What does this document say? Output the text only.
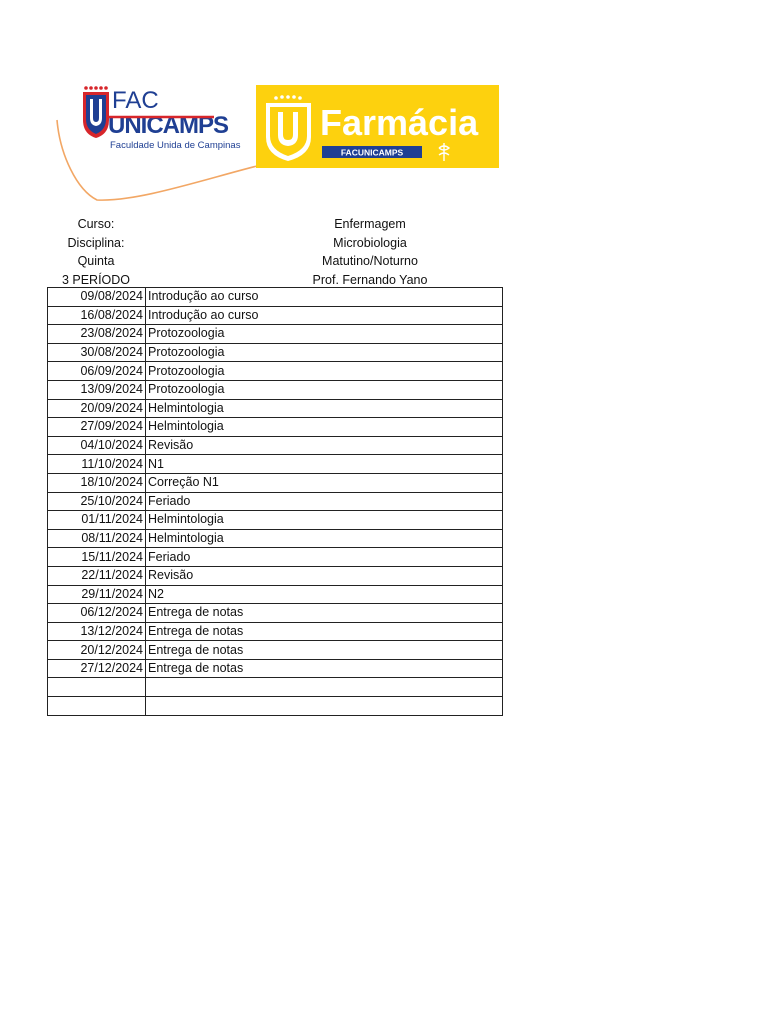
FAC
UNICAMPS
Faculdade Unida de Campinas
Farmácia
FACUNICAMPS
Curso:	Enfermagem
Disciplina:	Microbiologia
Quinta	Matutino/Noturno
3 PERÍODO	Prof. Fernando Yano
09/08/2024	Introdução ao curso
16/08/2024	Introdução ao curso
23/08/2024	Protozoologia
30/08/2024	Protozoologia
06/09/2024	Protozoologia
13/09/2024	Protozoologia
20/09/2024	Helmintologia
27/09/2024	Helmintologia
04/10/2024	Revisão
11/10/2024	N1
18/10/2024	Correção N1
25/10/2024	Feriado
01/11/2024	Helmintologia
08/11/2024	Helmintologia
15/11/2024	Feriado
22/11/2024	Revisão
29/11/2024	N2
06/12/2024	Entrega de notas
13/12/2024	Entrega de notas
20/12/2024	Entrega de notas
27/12/2024	Entrega de notas
